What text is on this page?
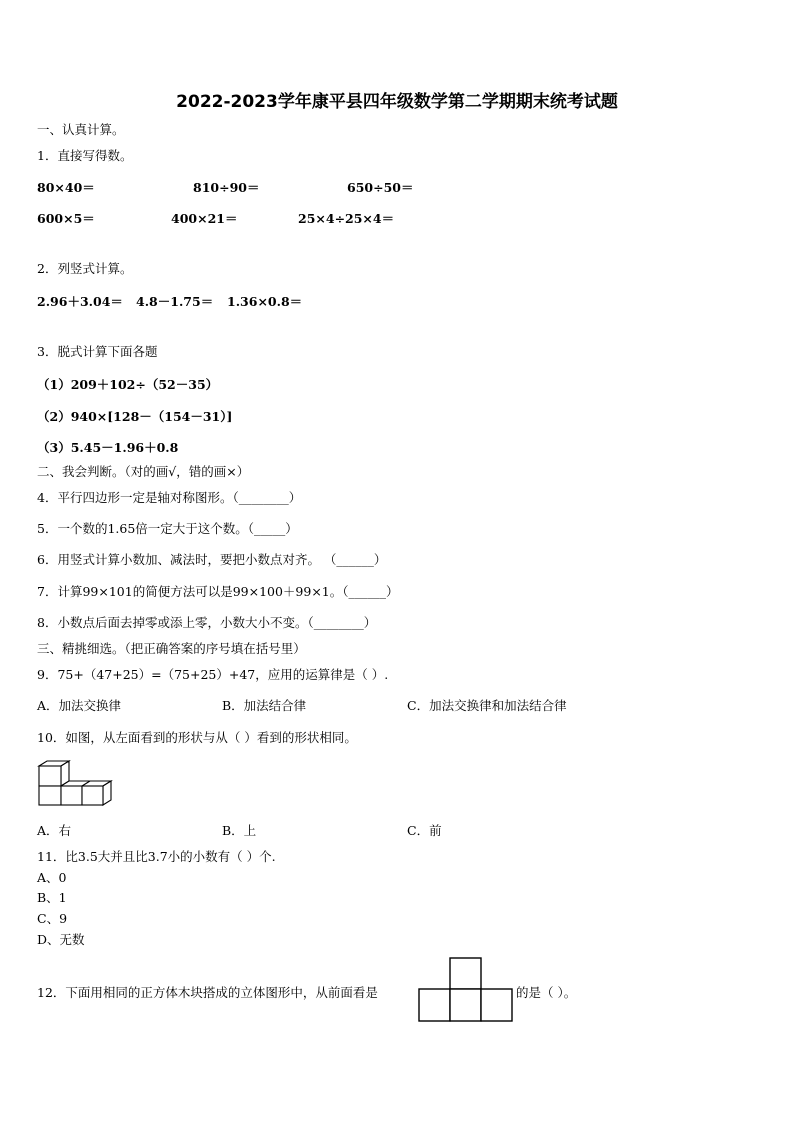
2022-2023学年康平县四年级数学第二学期期末统考试题
一、认真计算。
1．直接写得数。
80×40＝	810÷90＝	650÷50＝
600×5＝	400×21＝	25×4÷25×4＝
2．列竖式计算。
2.96＋3.04＝ 4.8－1.75＝ 1.36×0.8＝
3．脱式计算下面各题
（1）209＋102÷（52－35）
（2）940×[128－（154－31）]
（3）5.45－1.96＋0.8
二、我会判断。（对的画√，错的画×）
4．平行四边形一定是轴对称图形。（________）
5．一个数的1.65倍一定大于这个数。（_____）
6．用竖式计算小数加、减法时，要把小数点对齐。 （______）
7．计算99×101的简便方法可以是99×100＋99×1。（______）
8．小数点后面去掉零或添上零，小数大小不变。（________）
三、精挑细选。（把正确答案的序号填在括号里）
9．75+（47+25）=（75+25）+47，应用的运算律是（ ）.
A．加法交换律	B．加法结合律	C．加法交换律和加法结合律
10．如图，从左面看到的形状与从（ ）看到的形状相同。
A．右	B．上	C．前
11．比3.5大并且比3.7小的小数有（ ）个.
A、0
B、1
C、9
D、无数
12．下面用相同的正方体木块搭成的立体图形中，从前面看是	的是（ ）。
